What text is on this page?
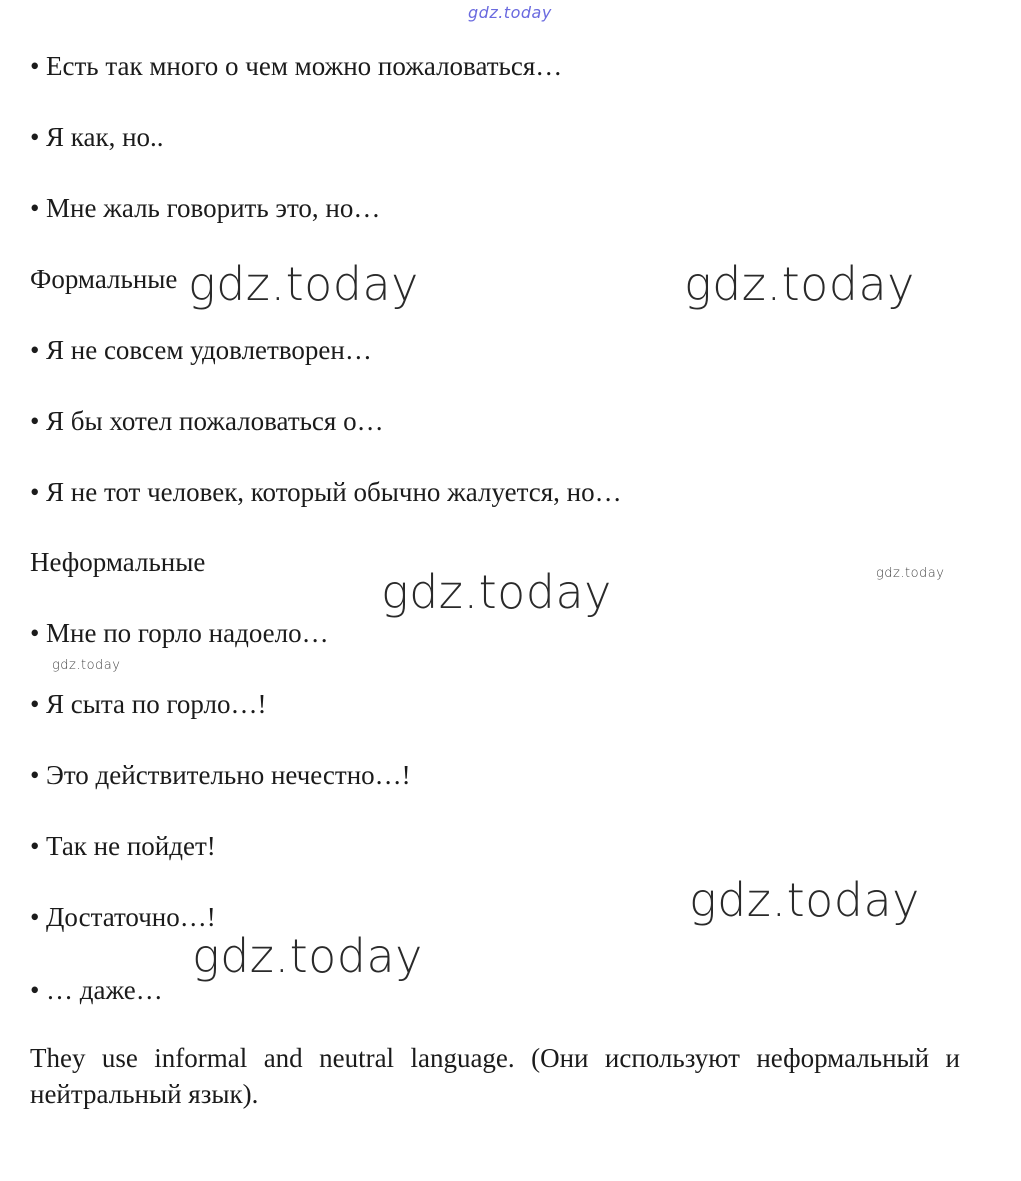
gdz.today
gdz.today	gdz.today
gdz.today	gdz.today
gdz.today
gdz.today
gdz.today
• Есть так много о чем можно пожаловаться…
• Я как, но..
• Мне жаль говорить это, но…
Формальные
• Я не совсем удовлетворен…
• Я бы хотел пожаловаться о…
• Я не тот человек, который обычно жалуется, но…
Неформальные
• Мне по горло надоело…
• Я сыта по горло…!
• Это действительно нечестно…!
• Так не пойдет!
• Достаточно…!
• … даже…
They use informal and neutral language. (Они используют неформальный и нейтральный язык).
